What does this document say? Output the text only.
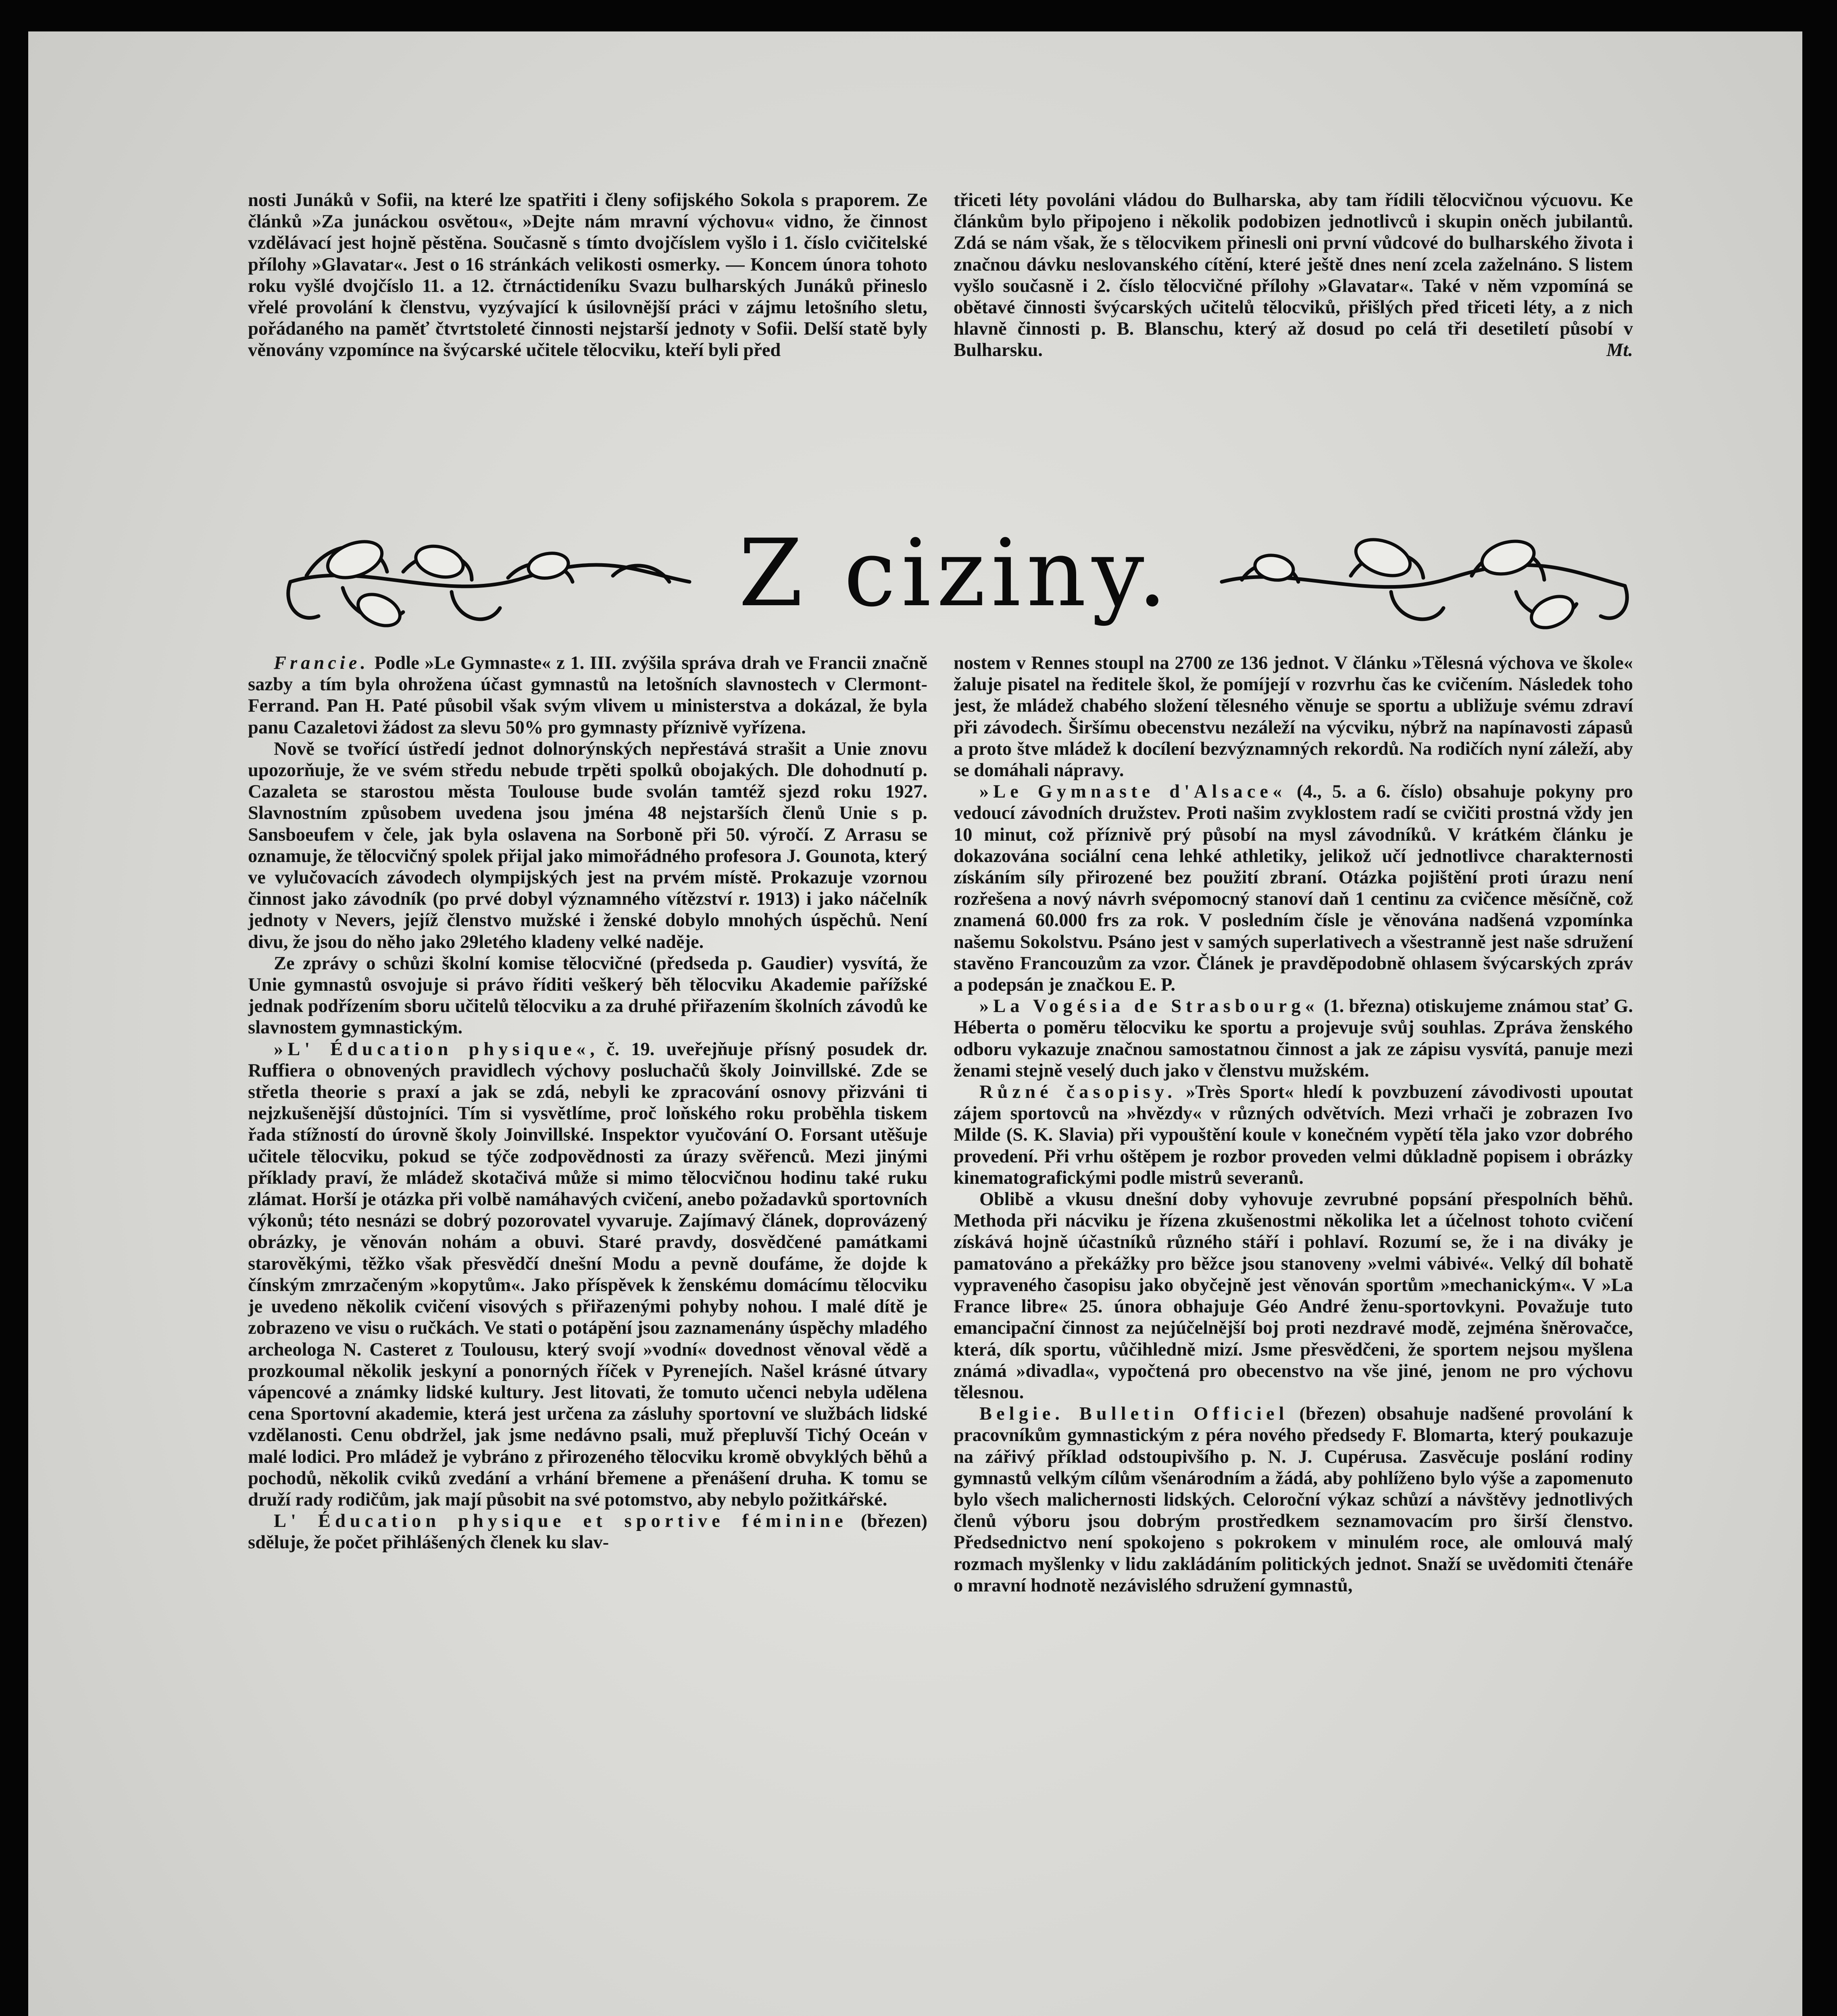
nosti Junáků v Sofii, na které lze spatřiti i členy sofijského Sokola s praporem. Ze článků »Za junáckou osvětou«, »Dejte nám mravní výchovu« vidno, že činnost vzdělávací jest hojně pěstěna. Současně s tímto dvojčíslem vyšlo i 1. číslo cvičitelské přílohy »Glavatar«. Jest o 16 stránkách velikosti osmerky. — Koncem února tohoto roku vyšlé dvojčíslo 11. a 12. čtrnáctideníku Svazu bulharských Junáků přineslo vřelé provolání k členstvu, vyzývající k úsilovnější práci v zájmu letošního sletu, pořádaného na paměť čtvrtstoleté činnosti nejstarší jednoty v Sofii. Delší statě byly věnovány vzpomínce na švýcarské učitele tělocviku, kteří byli před

třiceti léty povoláni vládou do Bulharska, aby tam řídili tělocvičnou výcuovu. Ke článkům bylo připojeno i několik podobizen jednotlivců i skupin oněch jubilantů. Zdá se nám však, že s tělocvikem přinesli oni první vůdcové do bulharského života i značnou dávku neslovanského cítění, které ještě dnes není zcela zaželnáno. S listem vyšlo současně i 2. číslo tělocvičné přílohy »Glavatar«. Také v něm vzpomíná se obětavé činnosti švýcarských učitelů tělocviků, přišlých před třiceti léty, a z nich hlavně činnosti p. B. Blanschu, který až dosud po celá tři desetiletí působí v Bulharsku.	Mt.

Z ciziny.

Francie. Podle »Le Gymnaste« z 1. III. zvýšila správa drah ve Francii značně sazby a tím byla ohrožena účast gymnastů na letošních slavnostech v Clermont-Ferrand. Pan H. Paté působil však svým vlivem u ministerstva a dokázal, že byla panu Cazaletovi žádost za slevu 50% pro gymnasty příznivě vyřízena.

Nově se tvořící ústředí jednot dolnorýnských nepřestává strašit a Unie znovu upozorňuje, že ve svém středu nebude trpěti spolků obojakých. Dle dohodnutí p. Cazaleta se starostou města Toulouse bude svolán tamtéž sjezd roku 1927. Slavnostním způsobem uvedena jsou jména 48 nejstarších členů Unie s p. Sansboeufem v čele, jak byla oslavena na Sorboně při 50. výročí. Z Arrasu se oznamuje, že tělocvičný spolek přijal jako mimořádného profesora J. Gounota, který ve vylučovacích závodech olympijských jest na prvém místě. Prokazuje vzornou činnost jako závodník (po prvé dobyl významného vítězství r. 1913) i jako náčelník jednoty v Nevers, jejíž členstvo mužské i ženské dobylo mnohých úspěchů. Není divu, že jsou do něho jako 29letého kladeny velké naděje.

Ze zprávy o schůzi školní komise tělocvičné (předseda p. Gaudier) vysvítá, že Unie gymnastů osvojuje si právo říditi veškerý běh tělocviku Akademie pařížské jednak podřízením sboru učitelů tělocviku a za druhé přiřazením školních závodů ke slavnostem gymnastickým.

»L' Éducation physique«, č. 19. uveřejňuje přísný posudek dr. Ruffiera o obnovených pravidlech výchovy posluchačů školy Joinvillské. Zde se střetla theorie s praxí a jak se zdá, nebyli ke zpracování osnovy přizváni ti nejzkušenější důstojníci. Tím si vysvětlíme, proč loňského roku proběhla tiskem řada stížností do úrovně školy Joinvillské. Inspektor vyučování O. Forsant utěšuje učitele tělocviku, pokud se týče zodpovědnosti za úrazy svěřenců. Mezi jinými příklady praví, že mládež skotačivá může si mimo tělocvičnou hodinu také ruku zlámat. Horší je otázka při volbě namáhavých cvičení, anebo požadavků sportovních výkonů; této nesnázi se dobrý pozorovatel vyvaruje. Zajímavý článek, doprovázený obrázky, je věnován nohám a obuvi. Staré pravdy, dosvědčené památkami starověkými, těžko však přesvědčí dnešní Modu a pevně doufáme, že dojde k čínským zmrzačeným »kopytům«. Jako příspěvek k ženskému domácímu tělocviku je uvedeno několik cvičení visových s přiřazenými pohyby nohou. I malé dítě je zobrazeno ve visu o ručkách. Ve stati o potápění jsou zaznamenány úspěchy mladého archeologa N. Casteret z Toulousu, který svojí »vodní« dovednost věnoval vědě a prozkoumal několik jeskyní a ponorných říček v Pyrenejích. Našel krásné útvary vápencové a známky lidské kultury. Jest litovati, že tomuto učenci nebyla udělena cena Sportovní akademie, která jest určena za zásluhy sportovní ve službách lidské vzdělanosti. Cenu obdržel, jak jsme nedávno psali, muž přepluvší Tichý Oceán v malé lodici. Pro mládež je vybráno z přirozeného tělocviku kromě obvyklých běhů a pochodů, několik cviků zvedání a vrhání břemene a přenášení druha. K tomu se druží rady rodičům, jak mají působit na své potomstvo, aby nebylo požitkářské.

L' Éducation physique et sportive féminine (březen) sděluje, že počet přihlášených členek ku slav-

nostem v Rennes stoupl na 2700 ze 136 jednot. V článku »Tělesná výchova ve škole« žaluje pisatel na ředitele škol, že pomíjejí v rozvrhu čas ke cvičením. Následek toho jest, že mládež chabého složení tělesného věnuje se sportu a ubližuje svému zdraví při závodech. Širšímu obecenstvu nezáleží na výcviku, nýbrž na napínavosti zápasů a proto štve mládež k docílení bezvýznamných rekordů. Na rodičích nyní záleží, aby se domáhali nápravy.

»Le Gymnaste d'Alsace« (4., 5. a 6. číslo) obsahuje pokyny pro vedoucí závodních družstev. Proti našim zvyklostem radí se cvičiti prostná vždy jen 10 minut, což příznivě prý působí na mysl závodníků. V krátkém článku je dokazována sociální cena lehké athletiky, jelikož učí jednotlivce charakternosti získáním síly přirozené bez použití zbraní. Otázka pojištění proti úrazu není rozřešena a nový návrh svépomocný stanoví daň 1 centinu za cvičence měsíčně, což znamená 60.000 frs za rok. V posledním čísle je věnována nadšená vzpomínka našemu Sokolstvu. Psáno jest v samých superlativech a všestranně jest naše sdružení stavěno Francouzům za vzor. Článek je pravděpodobně ohlasem švýcarských zpráv a podepsán je značkou E. P.

»La Vogésia de Strasbourg« (1. března) otiskujeme známou stať G. Héberta o poměru tělocviku ke sportu a projevuje svůj souhlas. Zpráva ženského odboru vykazuje značnou samostatnou činnost a jak ze zápisu vysvítá, panuje mezi ženami stejně veselý duch jako v členstvu mužském.

Různé časopisy. »Très Sport« hledí k povzbuzení závodivosti upoutat zájem sportovců na »hvězdy« v různých odvětvích. Mezi vrhači je zobrazen Ivo Milde (S. K. Slavia) při vypouštění koule v konečném vypětí těla jako vzor dobrého provedení. Při vrhu oštěpem je rozbor proveden velmi důkladně popisem i obrázky kinematografickými podle mistrů severanů.

Oblibě a vkusu dnešní doby vyhovuje zevrubné popsání přespolních běhů. Methoda při nácviku je řízena zkušenostmi několika let a účelnost tohoto cvičení získává hojně účastníků různého stáří i pohlaví. Rozumí se, že i na diváky je pamatováno a překážky pro běžce jsou stanoveny »velmi vábivé«. Velký díl bohatě vypraveného časopisu jako obyčejně jest věnován sportům »mechanickým«. V »La France libre« 25. února obhajuje Géo André ženu-sportovkyni. Považuje tuto emancipační činnost za nejúčelnější boj proti nezdravé modě, zejména šněrovačce, která, dík sportu, vůčihledně mizí. Jsme přesvědčeni, že sportem nejsou myšlena známá »divadla«, vypočtená pro obecenstvo na vše jiné, jenom ne pro výchovu tělesnou.

Belgie. Bulletin Officiel (březen) obsahuje nadšené provolání k pracovníkům gymnastickým z péra nového předsedy F. Blomarta, který poukazuje na zářivý příklad odstoupivšího p. N. J. Cupérusa. Zasvěcuje poslání rodiny gymnastů velkým cílům všenárodním a žádá, aby pohlíženo bylo výše a zapomenuto bylo všech malichernosti lidských. Celoroční výkaz schůzí a návštěvy jednotlivých členů výboru jsou dobrým prostředkem seznamovacím pro širší členstvo. Předsednictvo není spokojeno s pokrokem v minulém roce, ale omlouvá malý rozmach myšlenky v lidu zakládáním politických jednot. Snaží se uvědomiti čtenáře o mravní hodnotě nezávislého sdružení gymnastů,
